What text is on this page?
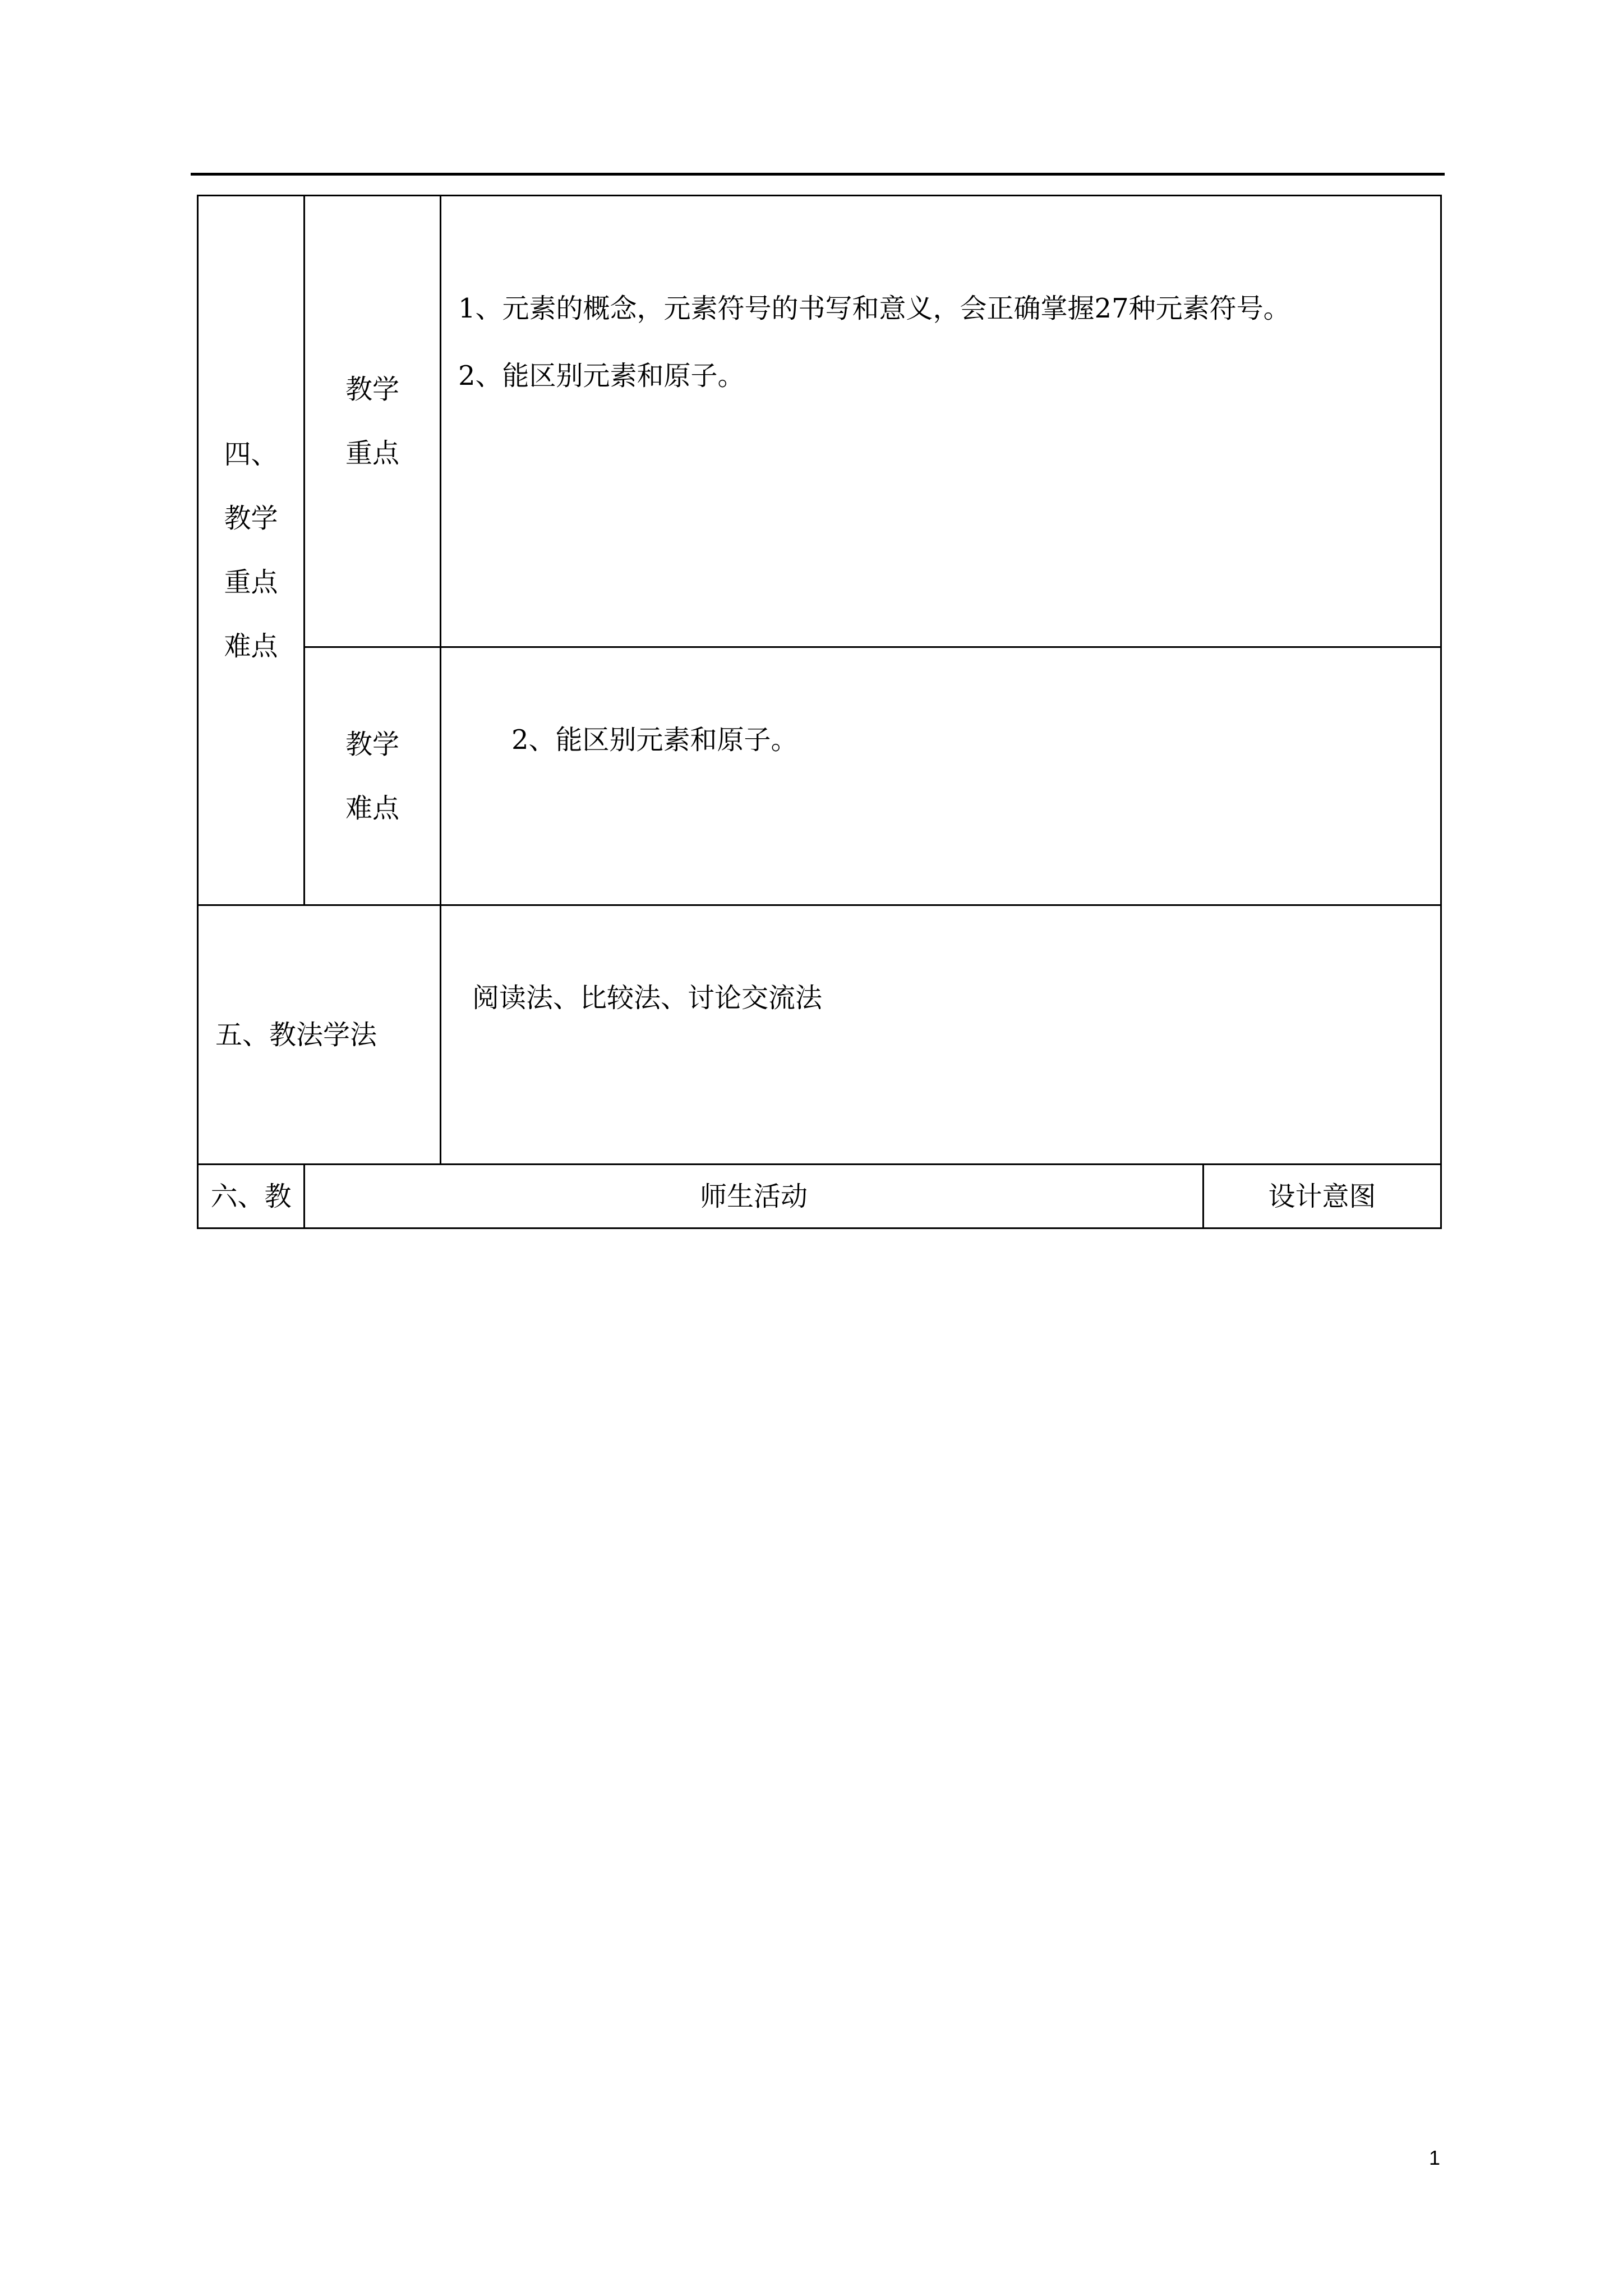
四、教学重点难点	教学重点	1、元素的概念，元素符号的书写和意义，会正确掌握27种元素符号。
2、能区别元素和原子。	

	教学难点	2、能区别元素和原子。	
五、教法学法		阅读法、比较法、讨论交流法	
六、教	师生活动		设计意图
1
